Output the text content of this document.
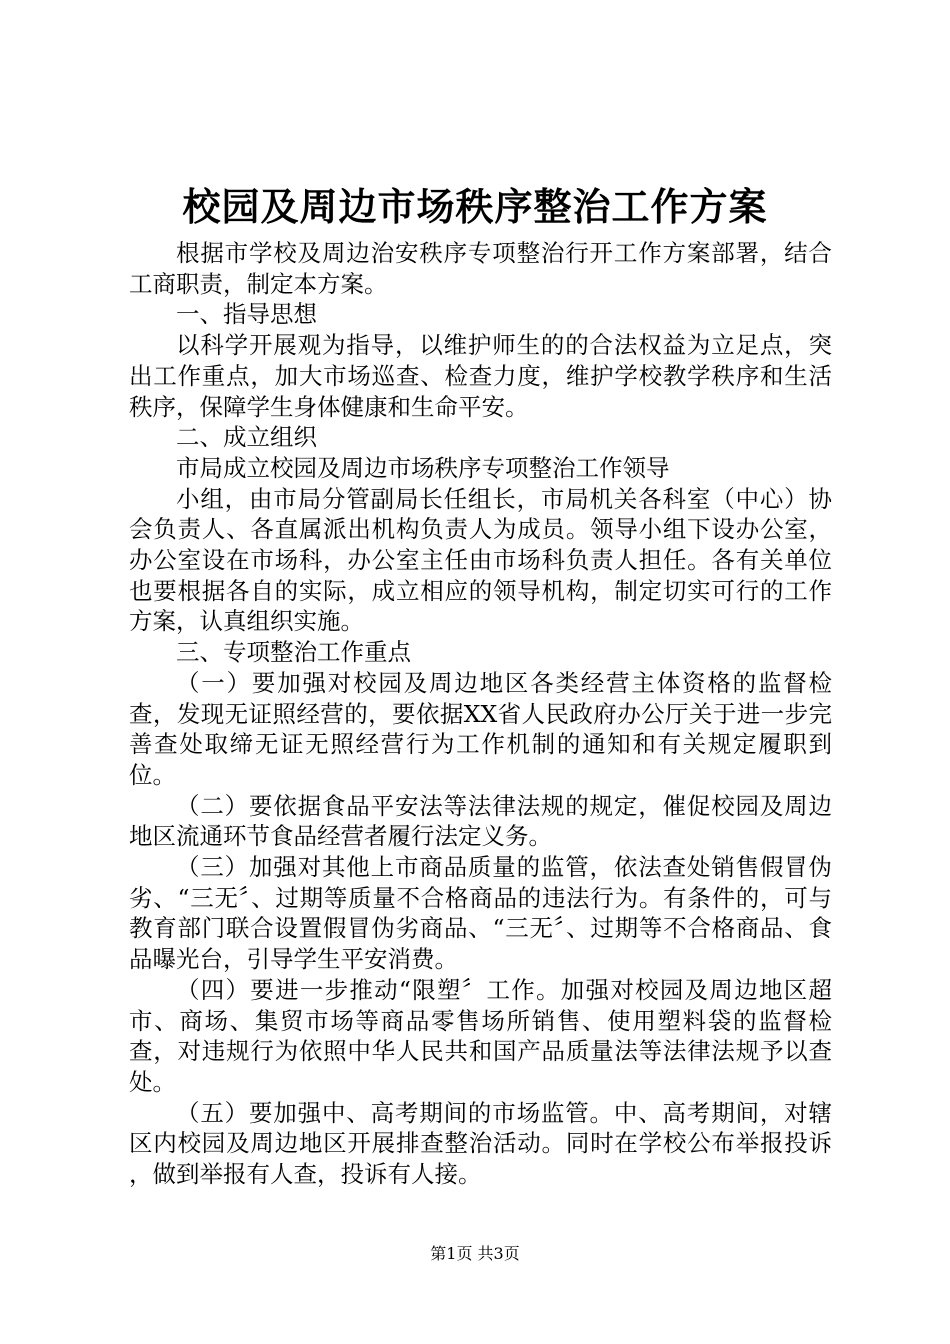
校园及周边市场秩序整治工作方案

根据市学校及周边治安秩序专项整治行开工作方案部署，结合工商职责，制定本方案。

一、指导思想

以科学开展观为指导，以维护师生的的合法权益为立足点，突出工作重点，加大市场巡查、检查力度，维护学校教学秩序和生活秩序，保障学生身体健康和生命平安。

二、成立组织

市局成立校园及周边市场秩序专项整治工作领导

小组，由市局分管副局长任组长，市局机关各科室（中心）协会负责人、各直属派出机构负责人为成员。领导小组下设办公室，办公室设在市场科，办公室主任由市场科负责人担任。各有关单位也要根据各自的实际，成立相应的领导机构，制定切实可行的工作方案，认真组织实施。

三、专项整治工作重点

（一）要加强对校园及周边地区各类经营主体资格的监督检查，发现无证照经营的，要依据XX省人民政府办公厅关于进一步完善查处取缔无证无照经营行为工作机制的通知和有关规定履职到位。

（二）要依据食品平安法等法律法规的规定，催促校园及周边地区流通环节食品经营者履行法定义务。

（三）加强对其他上市商品质量的监管，依法查处销售假冒伪劣、“三无〞、过期等质量不合格商品的违法行为。有条件的，可与教育部门联合设置假冒伪劣商品、“三无〞、过期等不合格商品、食品曝光台，引导学生平安消费。

（四）要进一步推动“限塑〞工作。加强对校园及周边地区超市、商场、集贸市场等商品零售场所销售、使用塑料袋的监督检查，对违规行为依照中华人民共和国产品质量法等法律法规予以查处。

（五）要加强中、高考期间的市场监管。中、高考期间，对辖区内校园及周边地区开展排查整治活动。同时在学校公布举报投诉　　，做到举报有人查，投诉有人接。

第1页 共3页
